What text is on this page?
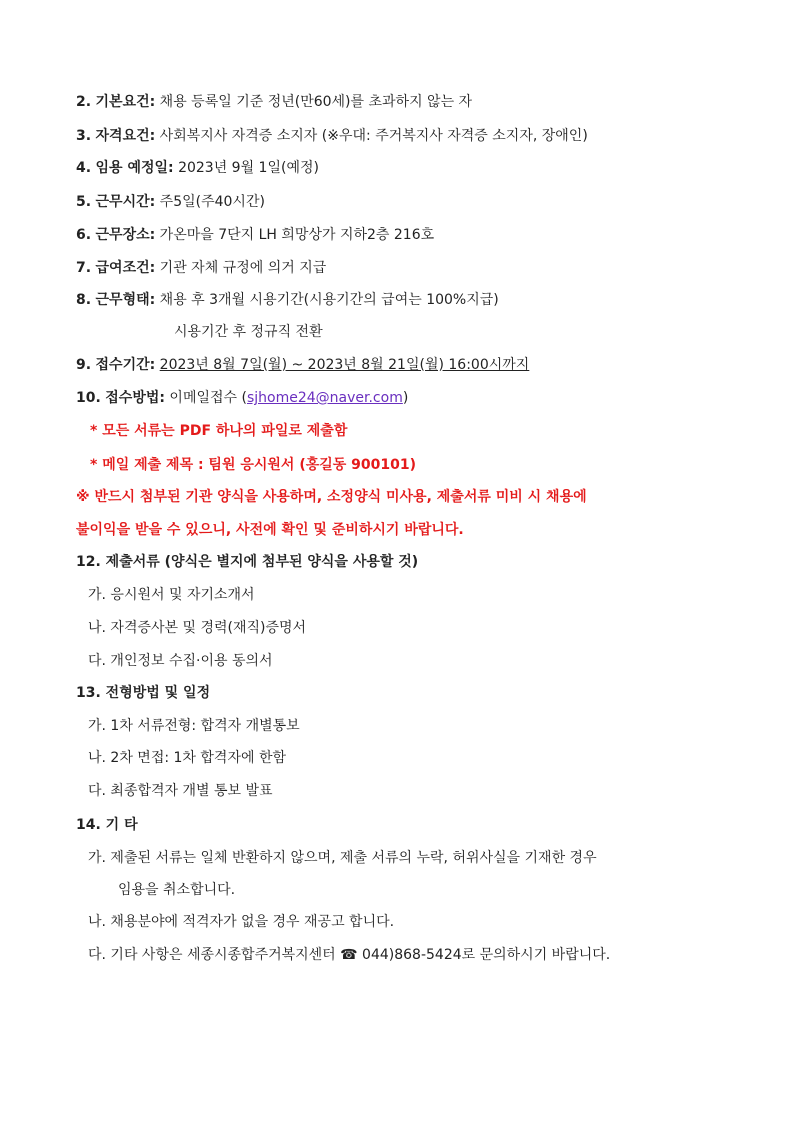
2. 기본요건: 채용 등록일 기준 정년(만60세)를 초과하지 않는 자
3. 자격요건: 사회복지사 자격증 소지자 (※우대: 주거복지사 자격증 소지자, 장애인)
4. 임용 예정일: 2023년 9월 1일(예정)
5. 근무시간: 주5일(주40시간)
6. 근무장소: 가온마을 7단지 LH 희망상가 지하2층 216호
7. 급여조건: 기관 자체 규정에 의거 지급
8. 근무형태: 채용 후 3개월 시용기간(시용기간의 급여는 100%지급)
시용기간 후 정규직 전환
9. 접수기간: 2023년 8월 7일(월) ~ 2023년 8월 21일(월) 16:00시까지
10. 접수방법: 이메일접수 (sjhome24@naver.com)
* 모든 서류는 PDF 하나의 파일로 제출함
* 메일 제출 제목 : 팀원 응시원서 (홍길동 900101)
※ 반드시 첨부된 기관 양식을 사용하며, 소정양식 미사용, 제출서류 미비 시 채용에
불이익을 받을 수 있으니, 사전에 확인 및 준비하시기 바랍니다.
12. 제출서류 (양식은 별지에 첨부된 양식을 사용할 것)
가. 응시원서 및 자기소개서
나. 자격증사본 및 경력(재직)증명서
다. 개인정보 수집·이용 동의서
13. 전형방법 및 일정
가. 1차 서류전형: 합격자 개별통보
나. 2차 면접: 1차 합격자에 한함
다. 최종합격자 개별 통보 발표
14. 기 타
가. 제출된 서류는 일체 반환하지 않으며, 제출 서류의 누락, 허위사실을 기재한 경우
임용을 취소합니다.
나. 채용분야에 적격자가 없을 경우 재공고 합니다.
다. 기타 사항은 세종시종합주거복지센터 ☎ 044)868-5424로 문의하시기 바랍니다.
